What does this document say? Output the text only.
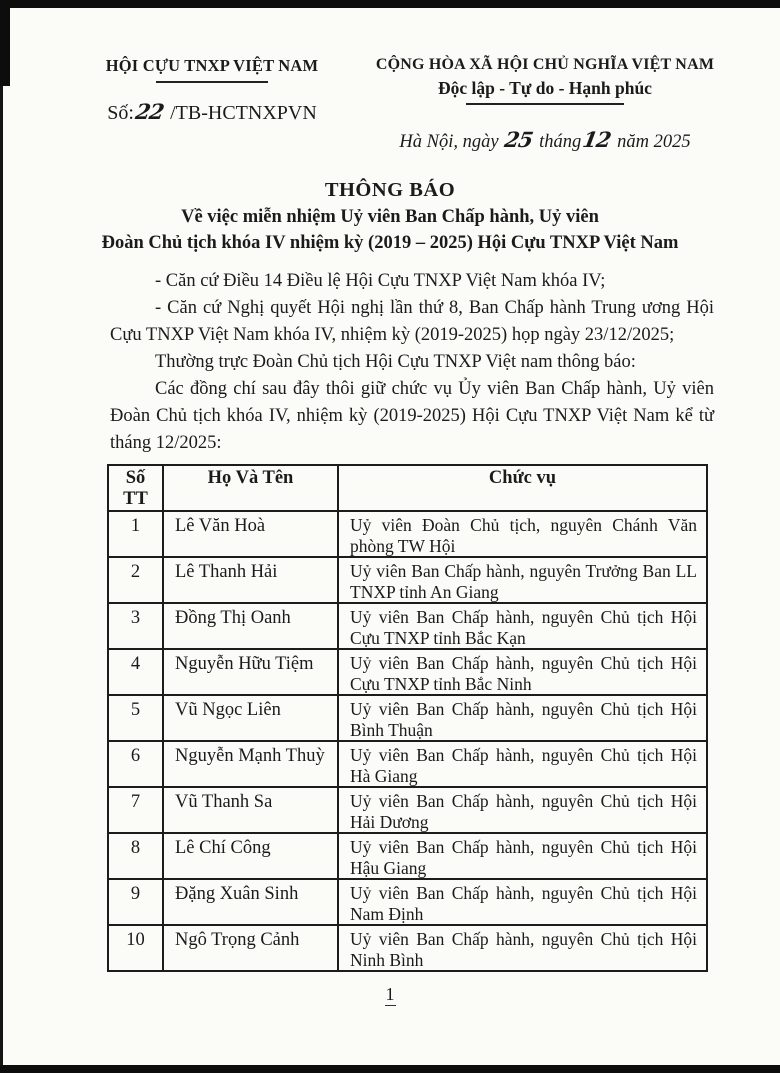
HỘI CỰU TNXP VIỆT NAM
Số:22 /TB-HCTNXPVN
CỘNG HÒA XÃ HỘI CHỦ NGHĨA VIỆT NAM
Độc lập - Tự do - Hạnh phúc
Hà Nội, ngày 25 tháng12 năm 2025
THÔNG BÁO
Về việc miễn nhiệm Uỷ viên Ban Chấp hành, Uỷ viên
Đoàn Chủ tịch khóa IV nhiệm kỳ (2019 – 2025) Hội Cựu TNXP Việt Nam

- Căn cứ Điều 14 Điều lệ Hội Cựu TNXP Việt Nam khóa IV;

- Căn cứ Nghị quyết Hội nghị lần thứ 8, Ban Chấp hành Trung ương Hội Cựu TNXP Việt Nam khóa IV, nhiệm kỳ (2019-2025) họp ngày 23/12/2025;

Thường trực Đoàn Chủ tịch Hội Cựu TNXP Việt nam thông báo:

Các đồng chí sau đây thôi giữ chức vụ Ủy viên Ban Chấp hành, Uỷ viên Đoàn Chủ tịch khóa IV, nhiệm kỳ (2019-2025) Hội Cựu TNXP Việt Nam kể từ tháng 12/2025:

Số
TT	Họ Và Tên	Chức vụ
1	Lê Văn Hoà	Uỷ viên Đoàn Chủ tịch, nguyên Chánh Văn phòng TW Hội
2	Lê Thanh Hải	Uỷ viên Ban Chấp hành, nguyên Trưởng Ban LL TNXP tỉnh An Giang
3	Đồng Thị Oanh	Uỷ viên Ban Chấp hành, nguyên Chủ tịch Hội Cựu TNXP tỉnh Bắc Kạn
4	Nguyễn Hữu Tiệm	Uỷ viên Ban Chấp hành, nguyên Chủ tịch Hội Cựu TNXP tỉnh Bắc Ninh
5	Vũ Ngọc Liên	Uỷ viên Ban Chấp hành, nguyên Chủ tịch Hội Bình Thuận
6	Nguyễn Mạnh Thuỳ	Uỷ viên Ban Chấp hành, nguyên Chủ tịch Hội Hà Giang
7	Vũ Thanh Sa	Uỷ viên Ban Chấp hành, nguyên Chủ tịch Hội Hải Dương
8	Lê Chí Công	Uỷ viên Ban Chấp hành, nguyên Chủ tịch Hội Hậu Giang
9	Đặng Xuân Sinh	Uỷ viên Ban Chấp hành, nguyên Chủ tịch Hội Nam Định
10	Ngô Trọng Cảnh	Uỷ viên Ban Chấp hành, nguyên Chủ tịch Hội Ninh Bình
1
